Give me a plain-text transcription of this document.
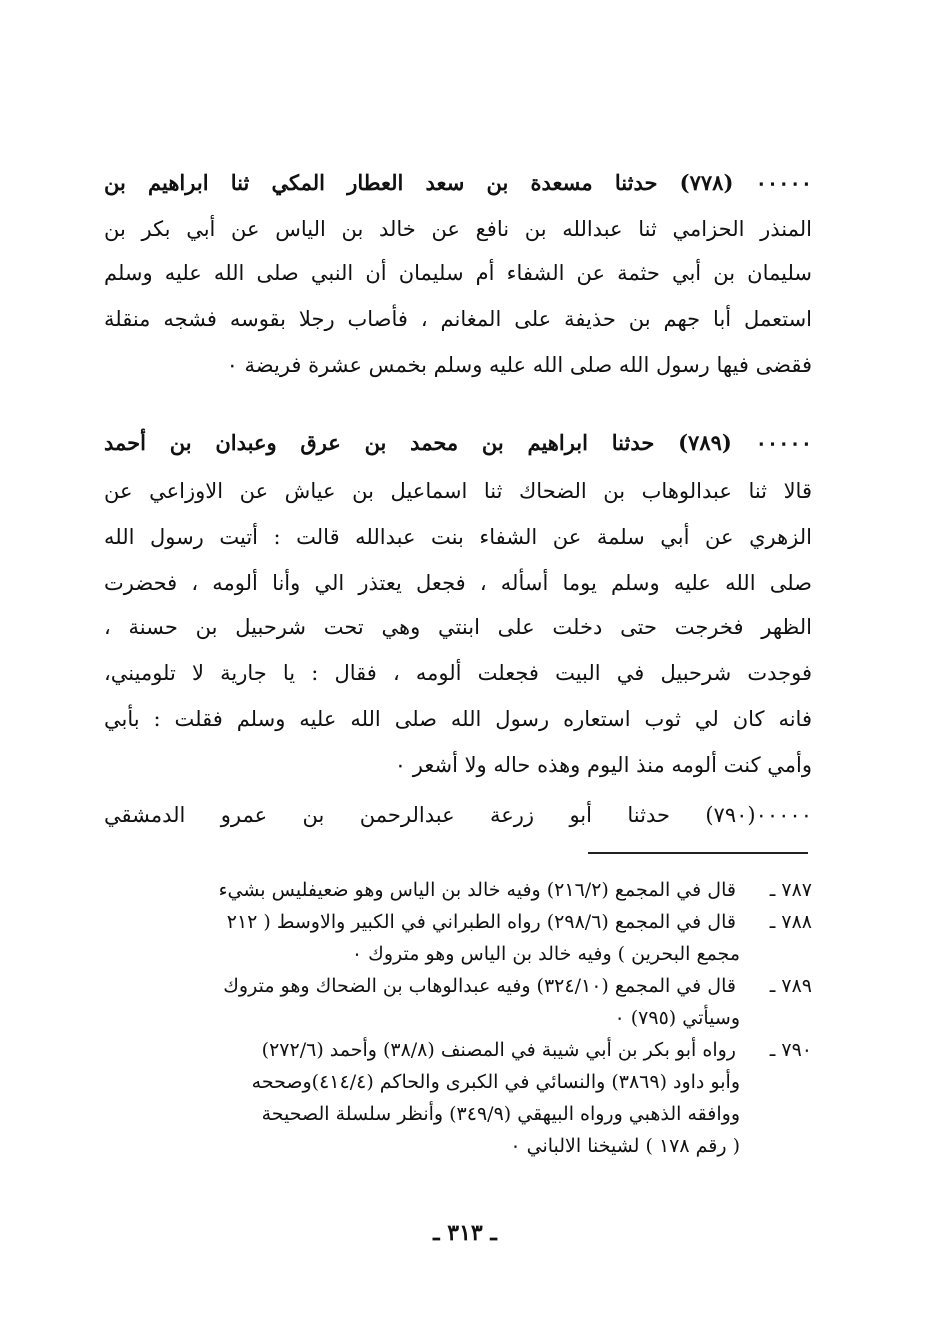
٠٠٠٠٠ (٧٧٨) حدثنا مسعدة بن سعد العطار المكي ثنا ابراهيم بن
المنذر الحزامي ثنا عبدالله بن نافع عن خالد بن الياس عن أبي بكر بن
سليمان بن أبي حثمة عن الشفاء أم سليمان أن النبي صلى الله عليه وسلم
استعمل أبا جهم بن حذيفة على المغانم ، فأصاب رجلا بقوسه فشجه منقلة
فقضى فيها رسول الله صلى الله عليه وسلم بخمس عشرة فريضة ٠
٠٠٠٠٠ (٧٨٩) حدثنا ابراهيم بن محمد بن عرق وعبدان بن أحمد
قالا ثنا عبدالوهاب بن الضحاك ثنا اسماعيل بن عياش عن الاوزاعي عن
الزهري عن أبي سلمة عن الشفاء بنت عبدالله قالت : أتيت رسول الله
صلى الله عليه وسلم يوما أسأله ، فجعل يعتذر الي وأنا ألومه ، فحضرت
الظهر فخرجت حتى دخلت على ابنتي وهي تحت شرحبيل بن حسنة ،
فوجدت شرحبيل في البيت فجعلت ألومه ، فقال : يا جارية لا تلوميني،
فانه كان لي ثوب استعاره رسول الله صلى الله عليه وسلم فقلت : بأبي
وأمي كنت ألومه منذ اليوم وهذه حاله ولا أشعر ٠
٠٠٠٠٠(٧٩٠) حدثنا أبو زرعة عبدالرحمن بن عمرو الدمشقي
٧٨٧ ـ قال في المجمع (٢١٦/٢) وفيه خالد بن الياس وهو ضعيفليس بشيء
٧٨٨ ـ قال في المجمع (٢٩٨/٦) رواه الطبراني في الكبير والاوسط ( ٢١٢
مجمع البحرين ) وفيه خالد بن الياس وهو متروك ٠
٧٨٩ ـ قال في المجمع (٣٢٤/١٠) وفيه عبدالوهاب بن الضحاك وهو متروك
وسيأتي (٧٩٥) ٠
٧٩٠ ـ رواه أبو بكر بن أبي شيبة في المصنف (٣٨/٨) وأحمد (٢٧٢/٦)
وأبو داود (٣٨٦٩) والنسائي في الكبرى والحاكم (٤١٤/٤)وصححه
ووافقه الذهبي ورواه البيهقي (٣٤٩/٩) وأنظر سلسلة الصحيحة
( رقم ١٧٨ ) لشيخنا الالباني ٠
ـ ٣١٣ ـ
